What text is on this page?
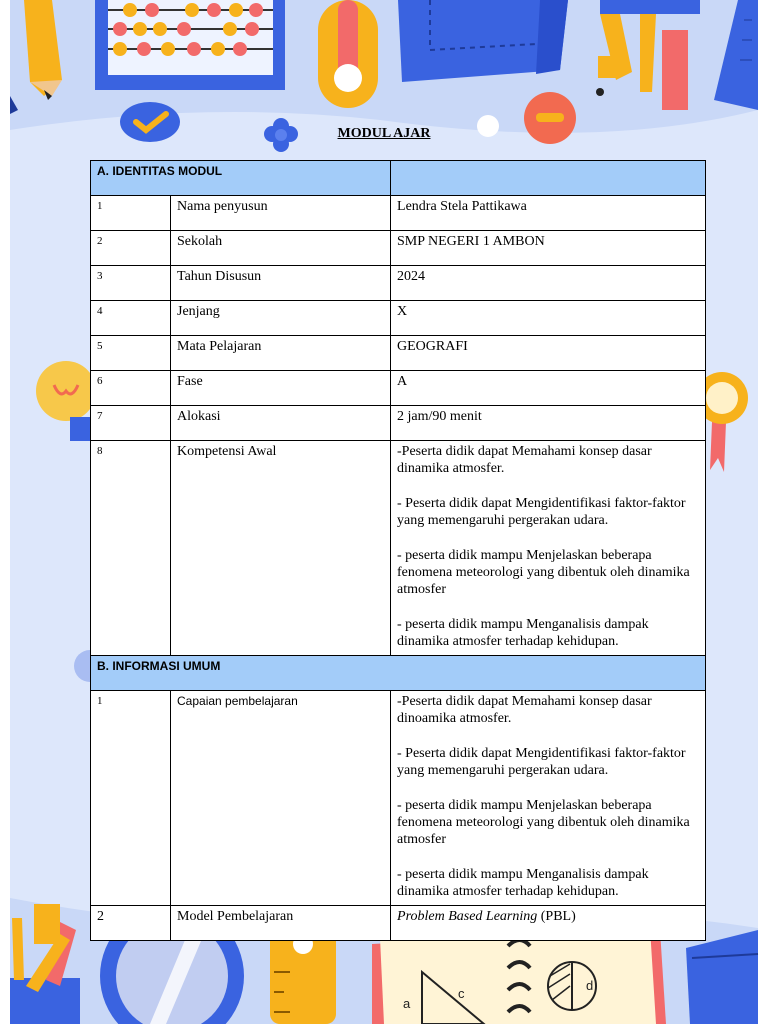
a
c
d
MODUL AJAR
A. IDENTITAS MODUL		
1	Nama penyusun	Lendra Stela Pattikawa
2	Sekolah	SMP NEGERI 1 AMBON
3	Tahun Disusun	2024
4	Jenjang	X
5	Mata Pelajaran	GEOGRAFI
6	Fase	A
7	Alokasi	2 jam/90 menit
8	Kompetensi Awal	-Peserta didik dapat Memahami konsep dasar dinamika atmosfer.

- Peserta didik dapat Mengidentifikasi faktor-faktor yang memengaruhi pergerakan udara.

- peserta didik mampu Menjelaskan beberapa fenomena meteorologi yang dibentuk oleh dinamika atmosfer

- peserta didik mampu Menganalisis dampak dinamika atmosfer terhadap kehidupan.

B. INFORMASI UMUM		
1	Capaian pembelajaran	-Peserta didik dapat Memahami konsep dasar dinoamika atmosfer.

- Peserta didik dapat Mengidentifikasi faktor-faktor yang memengaruhi pergerakan udara.

- peserta didik mampu Menjelaskan beberapa fenomena meteorologi yang dibentuk oleh dinamika atmosfer

- peserta didik mampu Menganalisis dampak dinamika atmosfer terhadap kehidupan.

2	Model Pembelajaran	Problem Based Learning (PBL)
